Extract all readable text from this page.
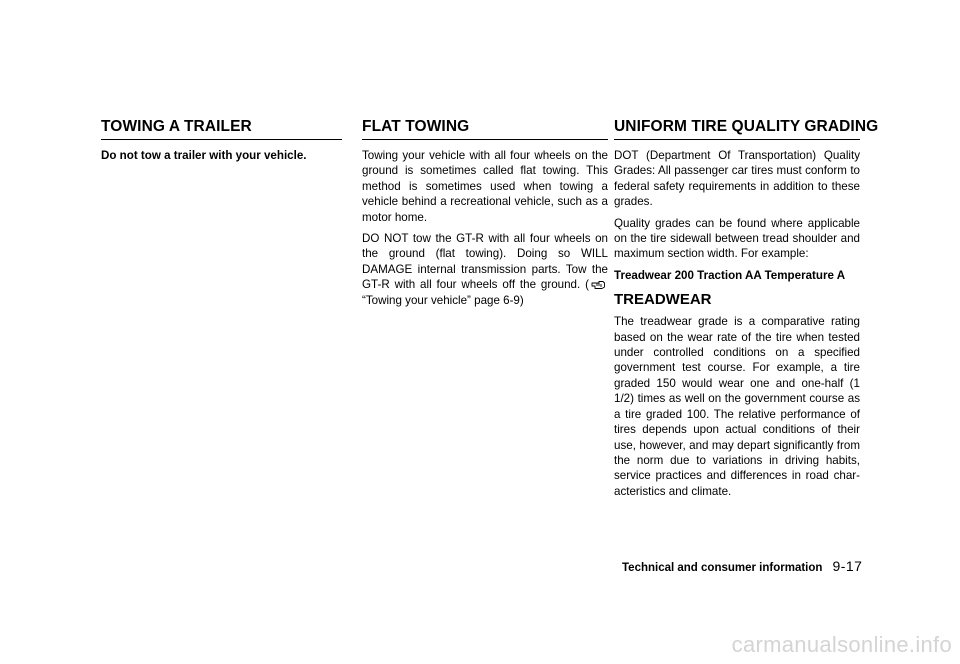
TOWING A TRAILER

Do not tow a trailer with your vehicle.

FLAT TOWING

Towing your vehicle with all four wheels on the ground is sometimes called flat towing. This method is sometimes used when towing a vehicle behind a recreational vehicle, such as a motor home.

DO NOT tow the GT-R with all four wheels on the ground (flat towing). Doing so WILL DAMAGE internal transmission parts. Tow the GT-R with all four wheels off the ground. (“Towing your vehicle” page 6-9)

UNIFORM TIRE QUALITY GRADING

DOT (Department Of Transportation) Quality Grades: All passenger car tires must conform to federal safety requirements in addition to these grades.

Quality grades can be found where applicable on the tire sidewall between tread shoulder and maximum section width. For example:

Treadwear 200 Traction AA Temperature A

TREADWEAR

The treadwear grade is a comparative rating based on the wear rate of the tire when tested under controlled conditions on a specified government test course. For example, a tire graded 150 would wear one and one-half (1 1/2) times as well on the government course as a tire graded 100. The relative performance of tires depends upon actual conditions of their use, however, and may depart significantly from the norm due to variations in driving habits, service practices and differences in road char- acteristics and climate.

Technical and consumer information 9-17
carmanualsonline.info
